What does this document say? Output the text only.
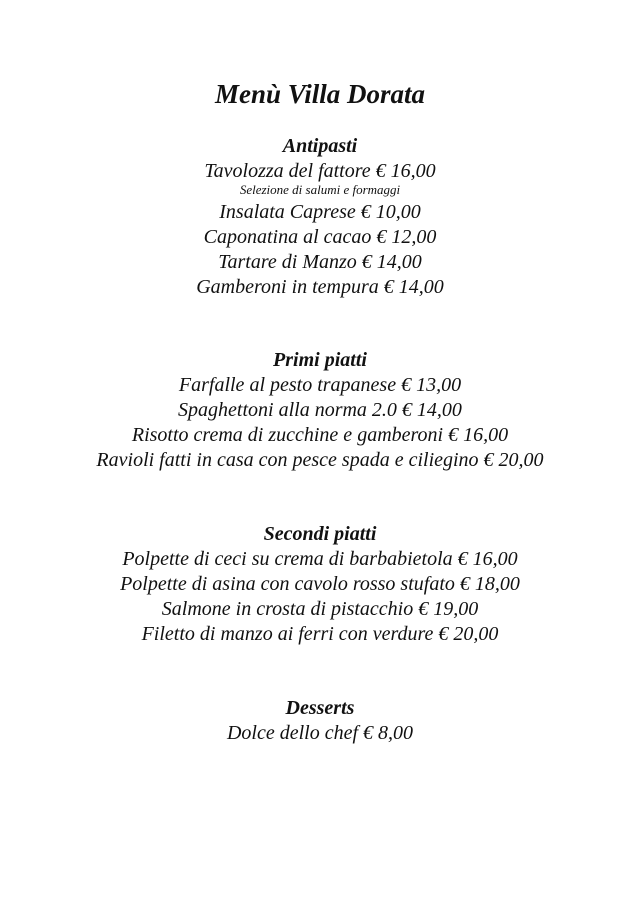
Menù Villa Dorata
Antipasti
Tavolozza del fattore € 16,00
Selezione di salumi e formaggi
Insalata Caprese € 10,00
Caponatina al cacao € 12,00
Tartare di Manzo € 14,00
Gamberoni in tempura € 14,00
Primi piatti
Farfalle al pesto trapanese € 13,00
Spaghettoni alla norma 2.0 € 14,00
Risotto crema di zucchine e gamberoni € 16,00
Ravioli fatti in casa con pesce spada e ciliegino € 20,00
Secondi piatti
Polpette di ceci su crema di barbabietola € 16,00
Polpette di asina con cavolo rosso stufato € 18,00
Salmone in crosta di pistacchio € 19,00
Filetto di manzo ai ferri con verdure € 20,00
Desserts
Dolce dello chef € 8,00
